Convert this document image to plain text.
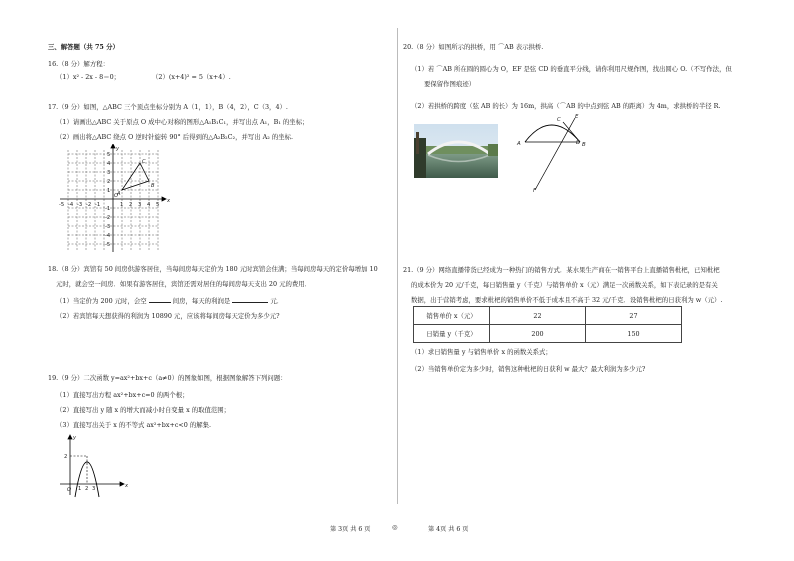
三、解答题（共 75 分）
16.（8 分）解方程：
（1）x² - 2x - 8＝0；	（2）(x+4)² = 5（x+4）.
17.（9 分）如图，△ABC 三个顶点坐标分别为 A（1，1），B（4，2），C（3，4）.
（1）请画出△ABC 关于原点 O 成中心对称的图形△A₁B₁C₁，并写出点 A₁，B₁ 的坐标；
（2）画出将△ABC 绕点 O 逆时针旋转 90° 后得到的△A₂B₂C₂，并写出 A₂ 的坐标.
-5 -4 -3 -2 -1	1 2 3 4 5
5
4
3
2
1
-1
-2
-3
-4
-5
x
y
O
A
B
C
18.（8 分）宾馆有 50 间房供游客居住，当每间房每天定价为 180 元时宾馆会住满；当每间房每天的定价每增加 10
元时，就会空一间房．如果有游客居住，宾馆还需对居住的每间房每天支出 20 元的费用．
（1）当定价为 200 元时，会空	间房，每天的利润是	元．
（2）若宾馆每天想获得的利润为 10890 元，应该将每间房每天定价为多少元?
19.（9 分）二次函数 y=ax²+bx+c（a≠0）的图象如图，根据图象解答下列问题：
（1）直接写出方程 ax²+bx+c=0 的两个根；
（2）直接写出 y 随 x 的增大而减小时自变量 x 的取值范围；
（3）直接写出关于 x 的不等式 ax²+bx+c<0 的解集.
y
x
O
2
1 2 3
第 3页 共 6 页
20.（8 分）如图所示的拱桥，用 ⌒AB 表示拱桥.
（1）若 ⌒AB 所在圆的圆心为 O，EF 是弦 CD 的垂直平分线，请你利用尺规作图，找出圆心 O.（不写作法，但
要保留作图痕迹）
（2）若拱桥的跨度（弦 AB 的长）为 16m，拱高（⌒AB 的中点到弦 AB 的距离）为 4m，求拱桥的半径 R.
A	B
C
D
E
F
21.（9 分）网络直播带货已经成为一种热门的销售方式．某水果生产商在一销售平台上直播销售枇杷，已知枇杷
的成本价为 20 元/千克，每日销售量 y（千克）与销售单价 x（元）满足一次函数关系，如下表记录的是有关
数据，出于营销考虑，要求枇杷的销售单价不低于成本且不高于 32 元/千克．设销售枇杷的日获利为 w（元）.
（1）求日销售量 y 与销售单价 x 的函数关系式；
（2）当销售单价定为多少时，销售这种枇杷的日获利 w 最大？最大利润为多少元?
◎	第 4页 共 6 页
销售单价 x（元）	22	27
日销量 y（千克）	200	150
